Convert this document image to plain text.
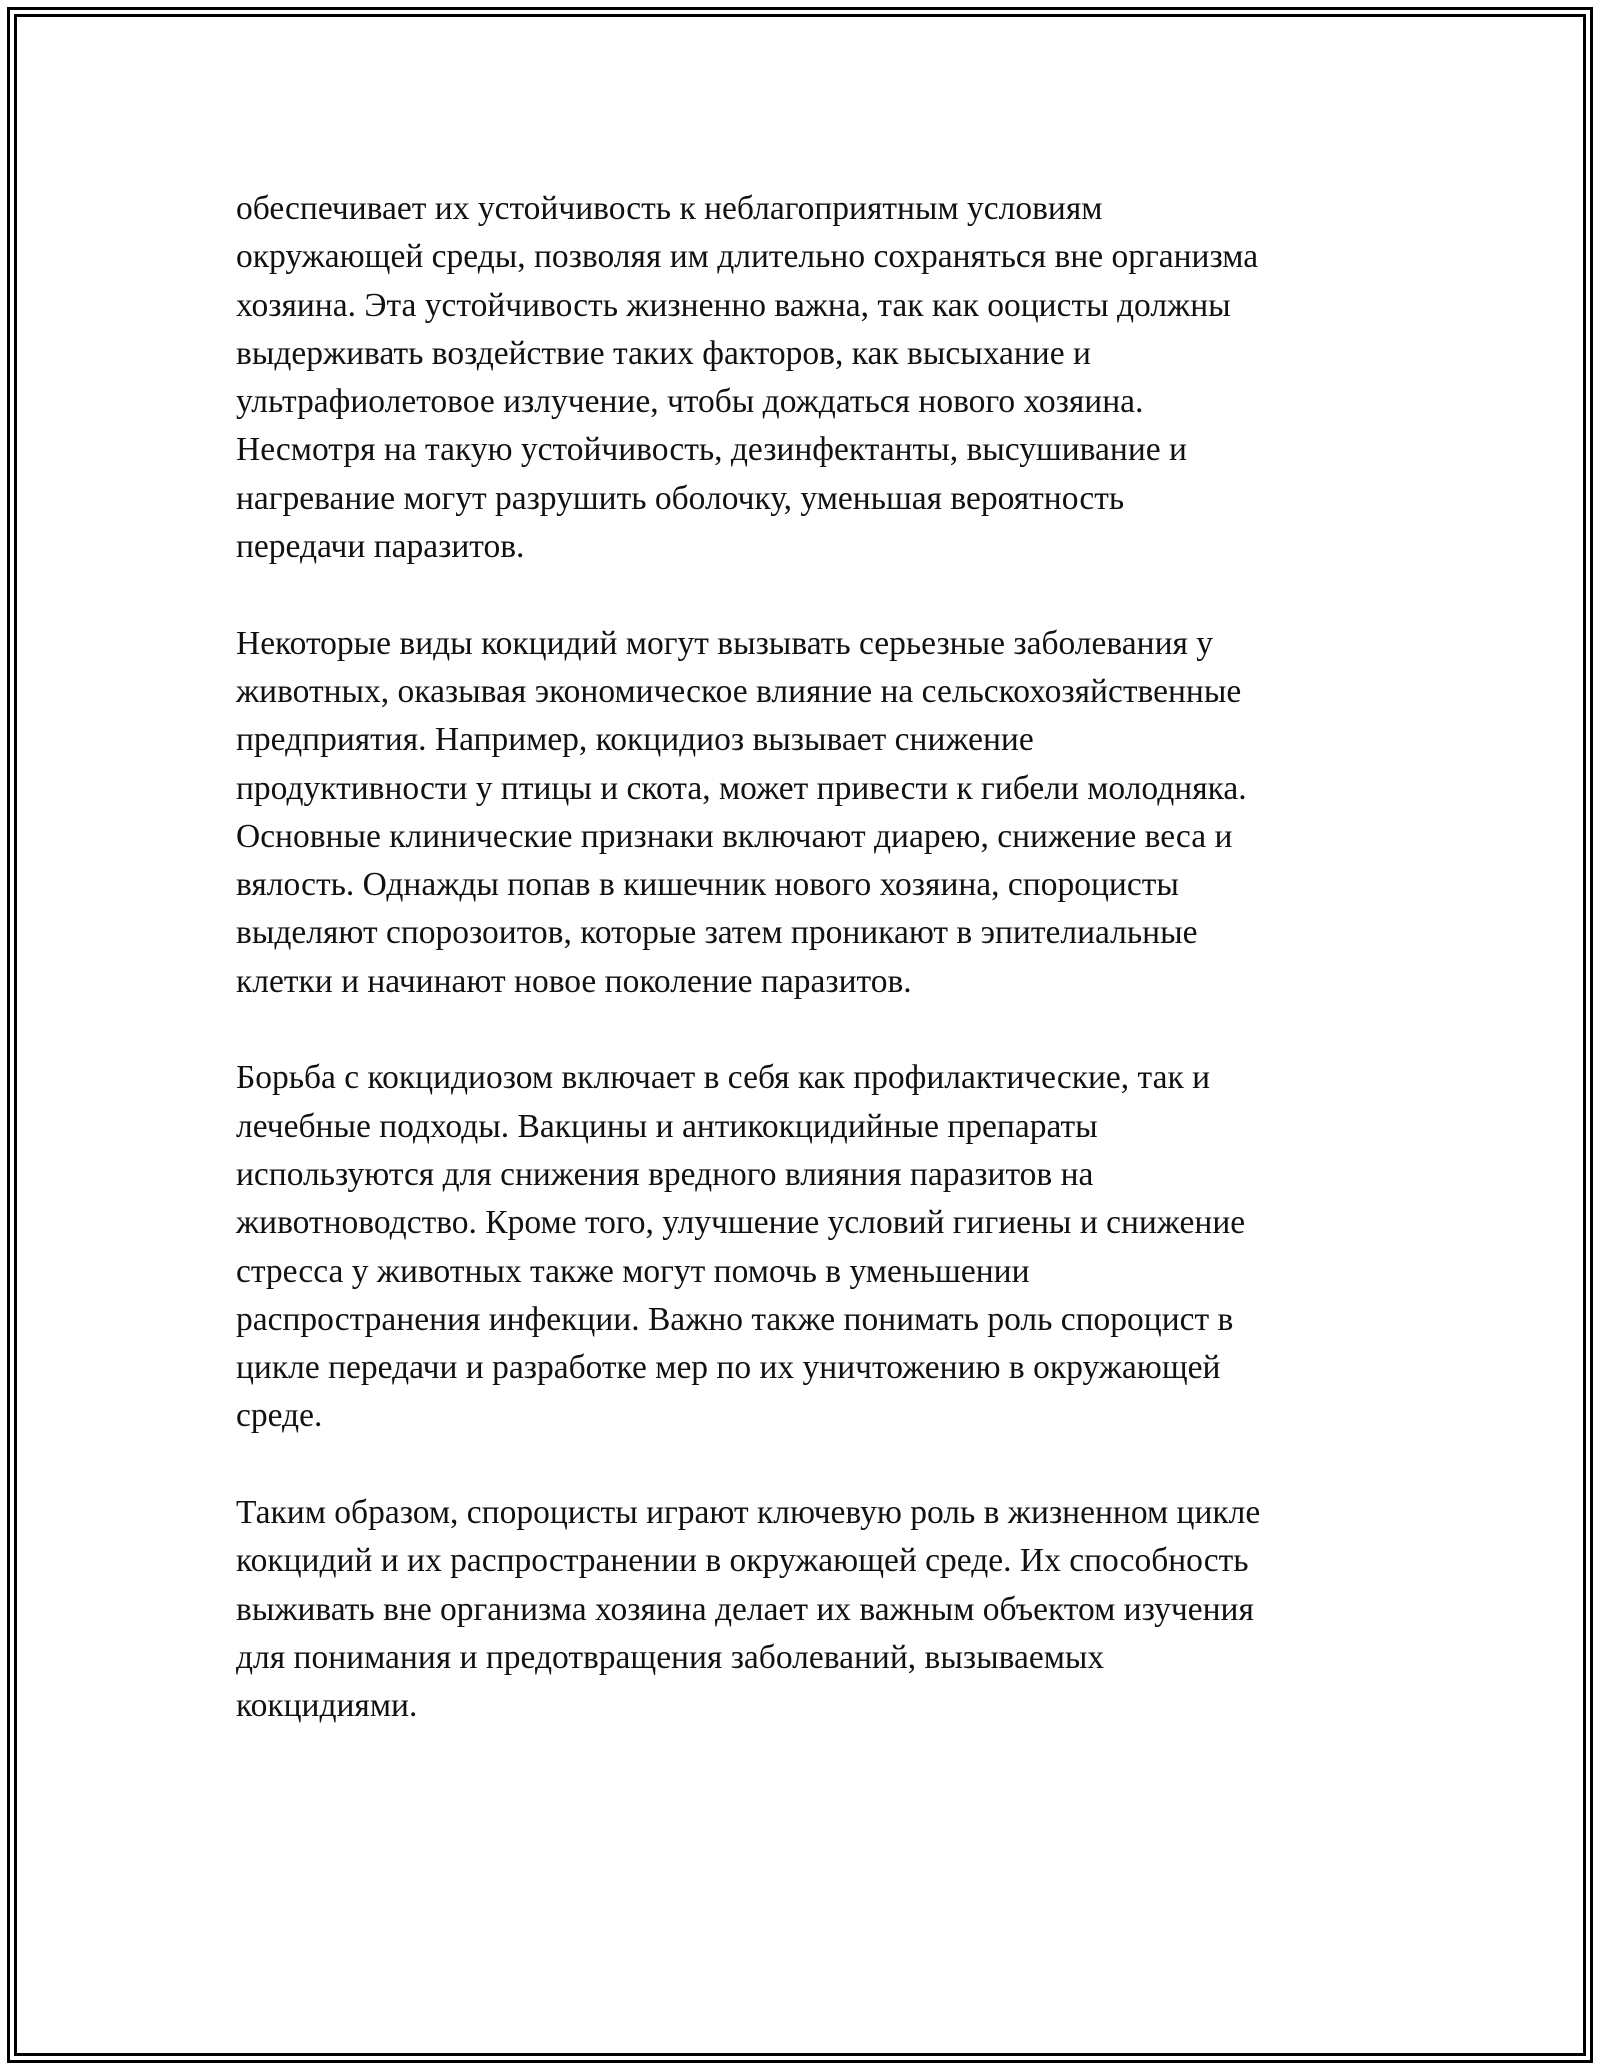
обеспечивает их устойчивость к неблагоприятным условиям
окружающей среды, позволяя им длительно сохраняться вне организма
хозяина. Эта устойчивость жизненно важна, так как ооцисты должны
выдерживать воздействие таких факторов, как высыхание и
ультрафиолетовое излучение, чтобы дождаться нового хозяина.
Несмотря на такую устойчивость, дезинфектанты, высушивание и
нагревание могут разрушить оболочку, уменьшая вероятность
передачи паразитов.

Некоторые виды кокцидий могут вызывать серьезные заболевания у
животных, оказывая экономическое влияние на сельскохозяйственные
предприятия. Например, кокцидиоз вызывает снижение
продуктивности у птицы и скота, может привести к гибели молодняка.
Основные клинические признаки включают диарею, снижение веса и
вялость. Однажды попав в кишечник нового хозяина, спороцисты
выделяют спорозоитов, которые затем проникают в эпителиальные
клетки и начинают новое поколение паразитов.

Борьба с кокцидиозом включает в себя как профилактические, так и
лечебные подходы. Вакцины и антикокцидийные препараты
используются для снижения вредного влияния паразитов на
животноводство. Кроме того, улучшение условий гигиены и снижение
стресса у животных также могут помочь в уменьшении
распространения инфекции. Важно также понимать роль спороцист в
цикле передачи и разработке мер по их уничтожению в окружающей
среде.

Таким образом, спороцисты играют ключевую роль в жизненном цикле
кокцидий и их распространении в окружающей среде. Их способность
выживать вне организма хозяина делает их важным объектом изучения
для понимания и предотвращения заболеваний, вызываемых
кокцидиями.
